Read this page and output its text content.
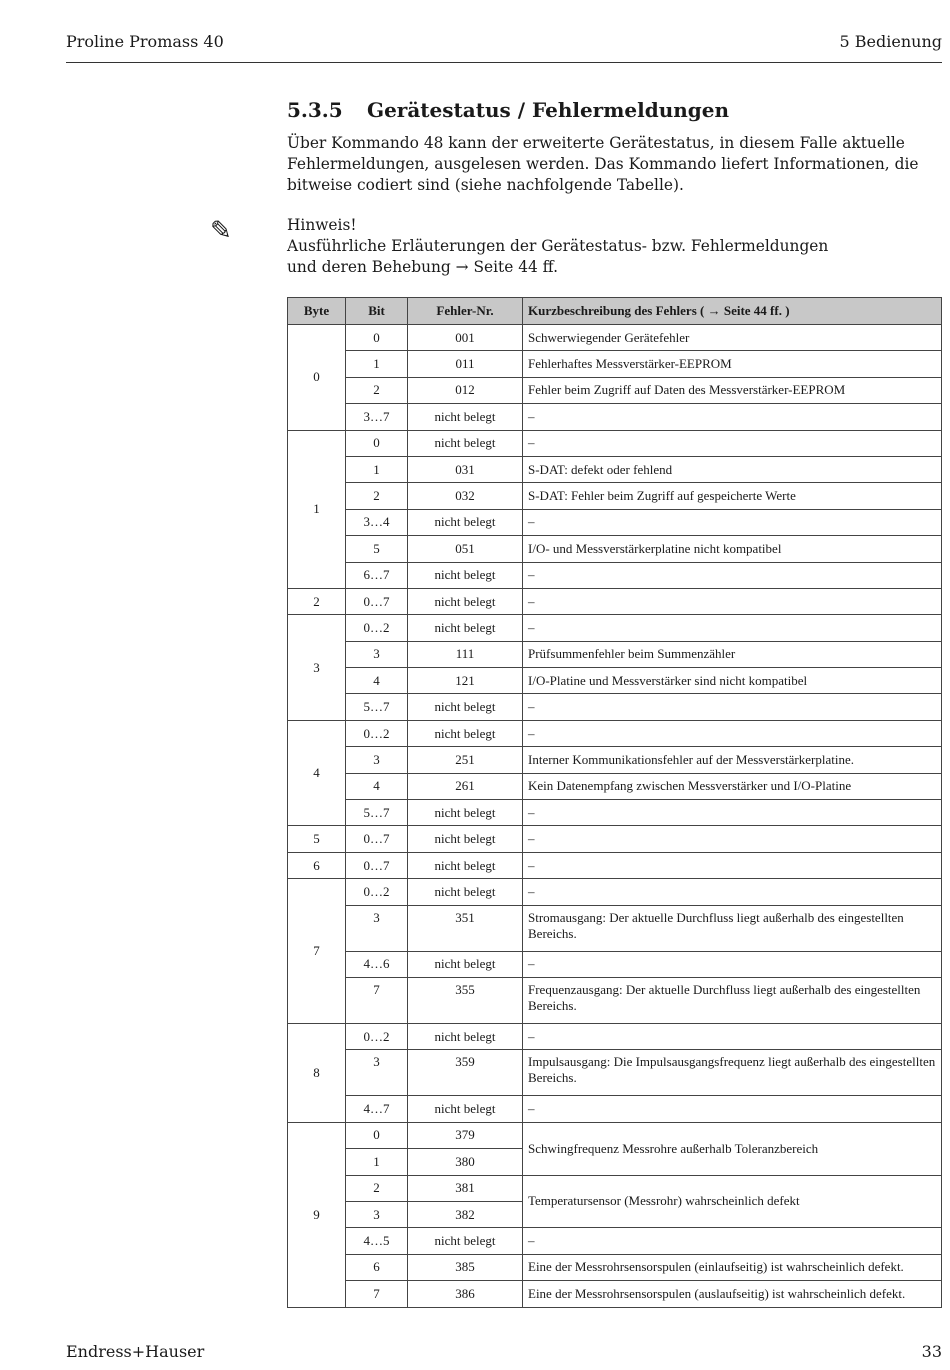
Proline Promass 40	5 Bedienung
5.3.5 Gerätestatus / Fehlermeldungen
Über Kommando 48 kann der erweiterte Gerätestatus, in diesem Falle aktuelle Fehlermeldungen, ausgelesen werden. Das Kommando liefert Informationen, die bitweise codiert sind (siehe nachfolgende Tabelle).
✎	Hinweis!
Ausführliche Erläuterungen der Gerätestatus- bzw. Fehlermeldungen und deren Behebung → Seite 44 ff.
Byte	Bit	Fehler-Nr.	Kurzbeschreibung des Fehlers ( → Seite 44 ff. )
0	0	001	Schwerwiegender Gerätefehler
	1	011	Fehlerhaftes Messverstärker-EEPROM
	2	012	Fehler beim Zugriff auf Daten des Messverstärker-EEPROM
	3…7	nicht belegt	–
1	0	nicht belegt	–
	1	031	S-DAT: defekt oder fehlend
	2	032	S-DAT: Fehler beim Zugriff auf gespeicherte Werte
	3…4	nicht belegt	–
	5	051	I/O- und Messverstärkerplatine nicht kompatibel
	6…7	nicht belegt	–
2	0…7	nicht belegt	–
3	0…2	nicht belegt	–
	3	111	Prüfsummenfehler beim Summenzähler
	4	121	I/O-Platine und Messverstärker sind nicht kompatibel
	5…7	nicht belegt	–
4	0…2	nicht belegt	–
	3	251	Interner Kommunikationsfehler auf der Messverstärkerplatine.
	4	261	Kein Datenempfang zwischen Messverstärker und I/O-Platine
	5…7	nicht belegt	–
5	0…7	nicht belegt	–
6	0…7	nicht belegt	–
7	0…2	nicht belegt	–
	3	351	Stromausgang: Der aktuelle Durchfluss liegt außerhalb des eingestellten Bereichs.
	4…6	nicht belegt	–
	7	355	Frequenzausgang: Der aktuelle Durchfluss liegt außerhalb des eingestellten Bereichs.
8	0…2	nicht belegt	–
	3	359	Impulsausgang: Die Impulsausgangsfrequenz liegt außerhalb des eingestellten Bereichs.
	4…7	nicht belegt	–
9	0	379	Schwingfrequenz Messrohre außerhalb Toleranzbereich
	1	380	
	2	381	Temperatursensor (Messrohr) wahrscheinlich defekt
	3	382	
	4…5	nicht belegt	–
	6	385	Eine der Messrohrsensorspulen (einlaufseitig) ist wahrscheinlich defekt.
	7	386	Eine der Messrohrsensorspulen (auslaufseitig) ist wahrscheinlich defekt.
Endress+Hauser	33
